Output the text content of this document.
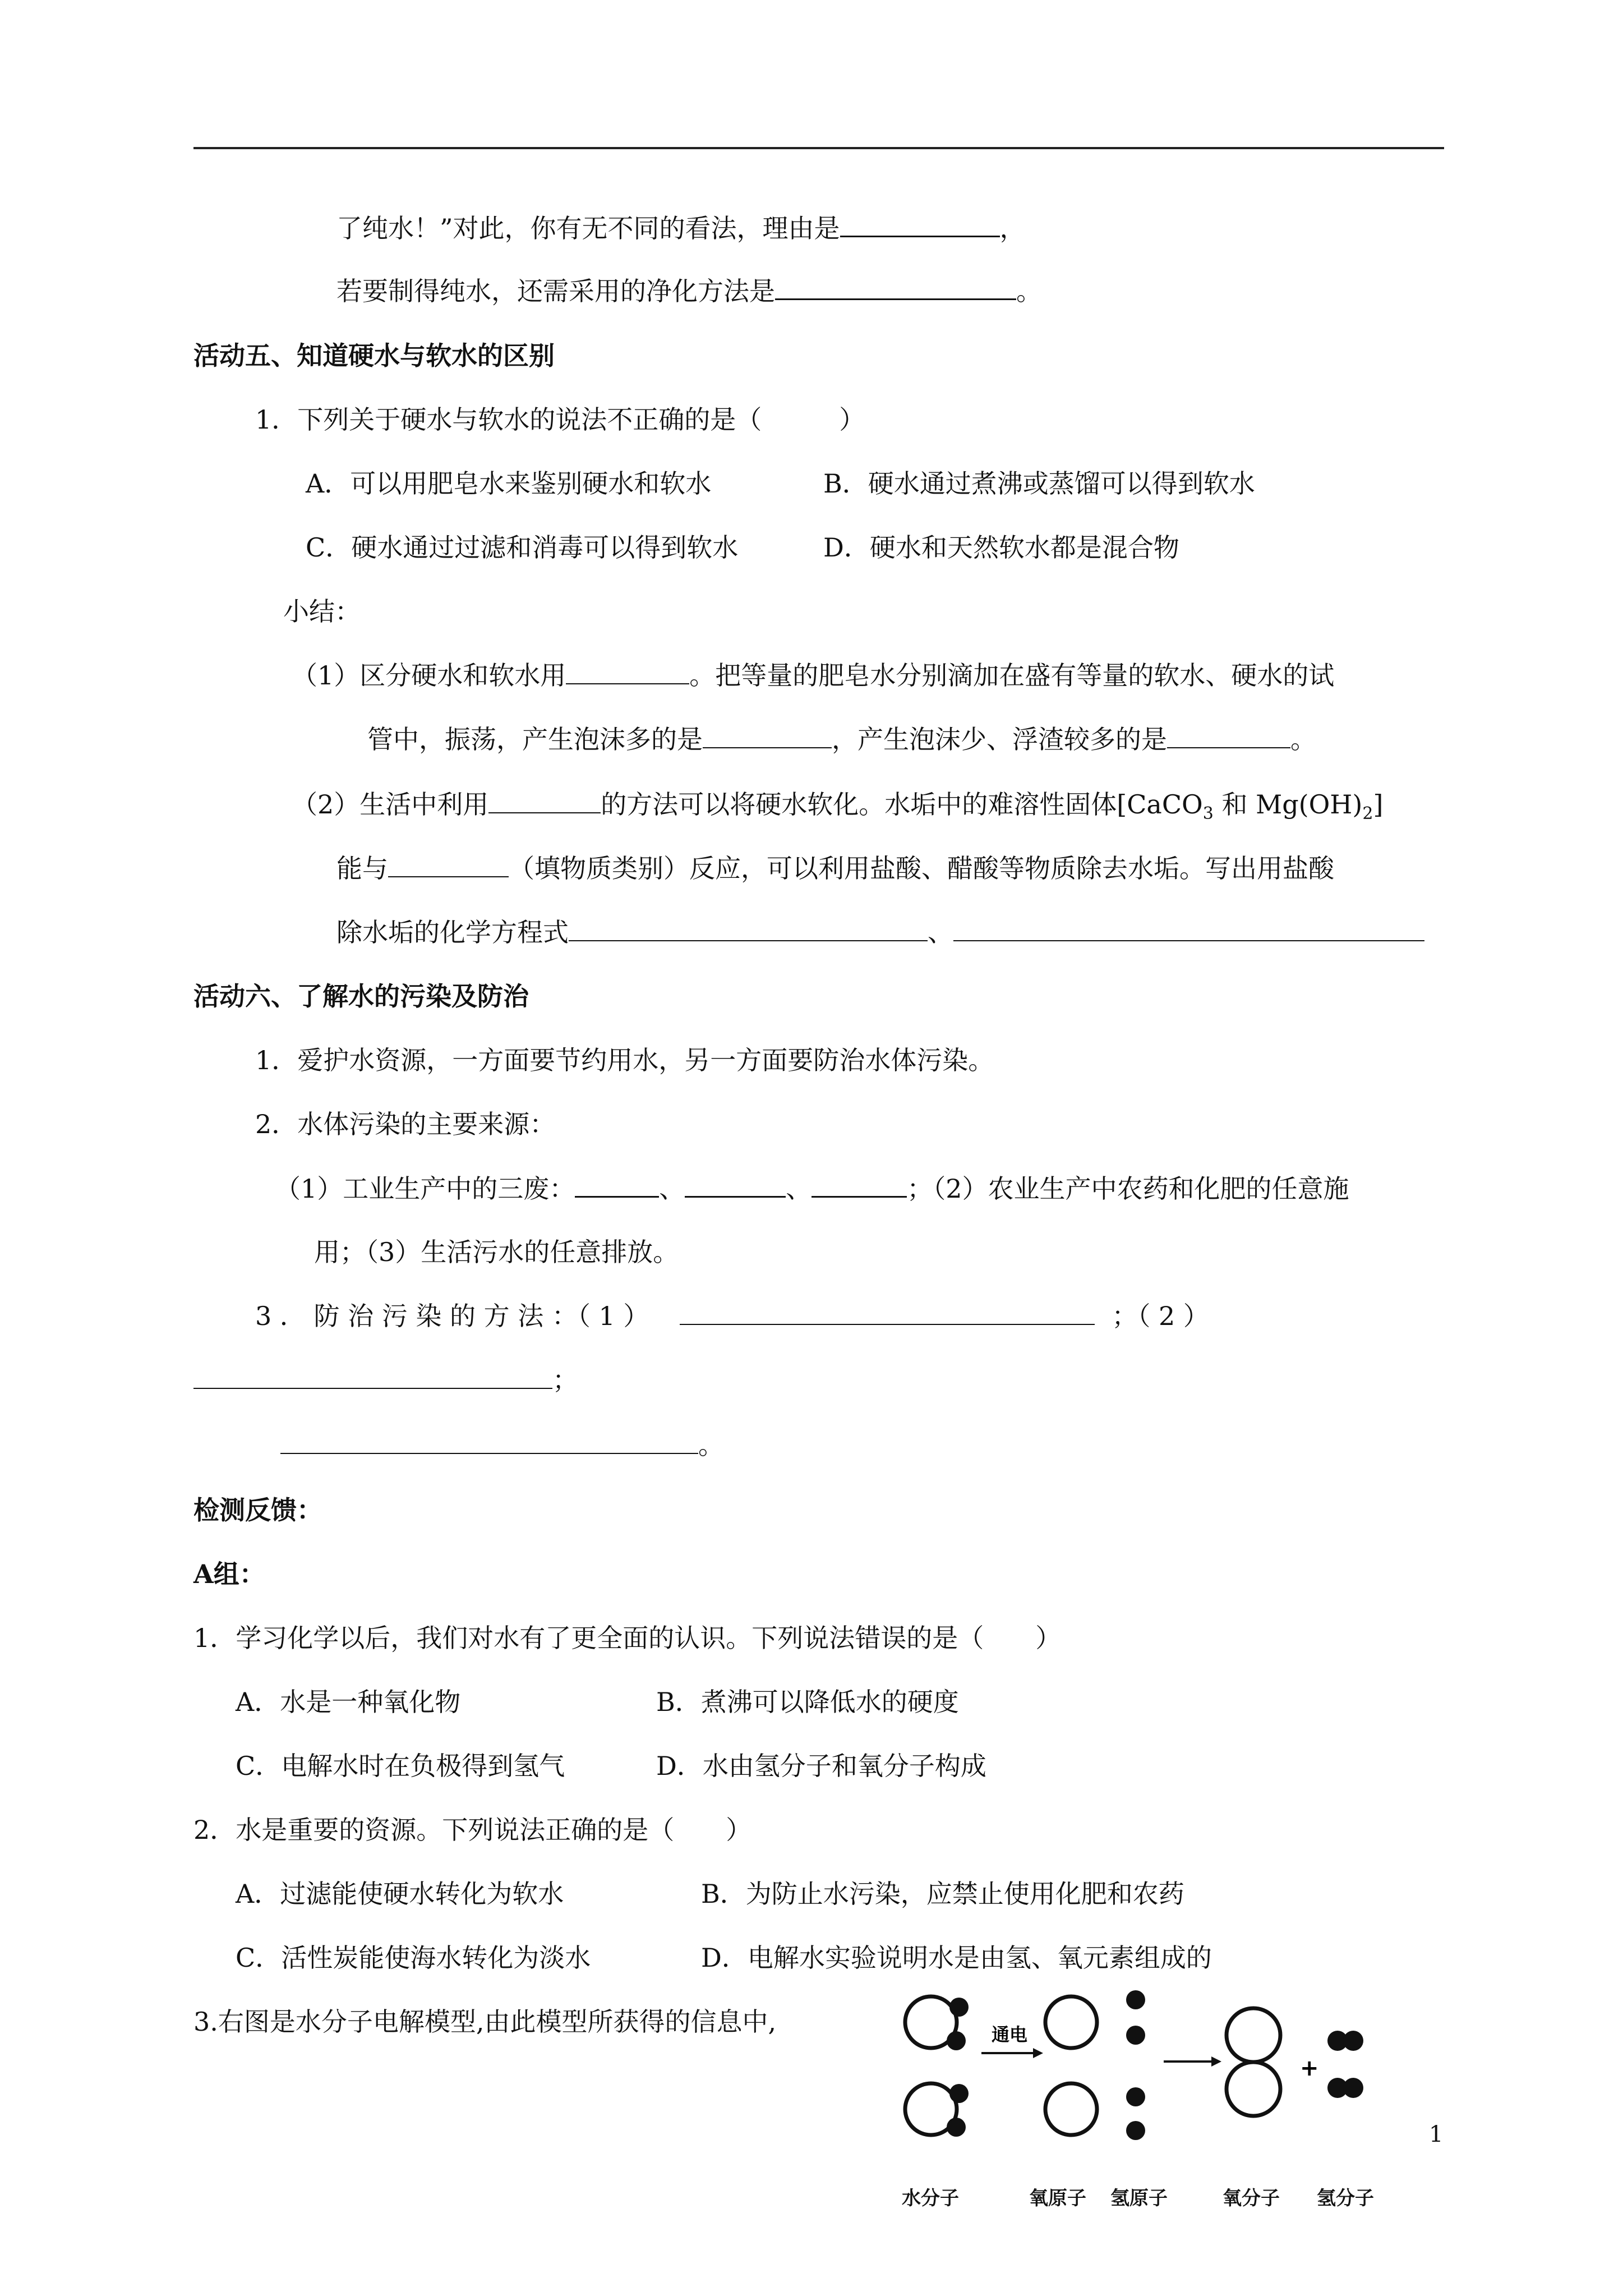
了纯水！”对此，你有无不同的看法，理由是	，
若要制得纯水，还需采用的净化方法是	。
活动五、知道硬水与软水的区别
1．下列关于硬水与软水的说法不正确的是（　　　）
A．可以用肥皂水来鉴别硬水和软水	B．硬水通过煮沸或蒸馏可以得到软水
C．硬水通过过滤和消毒可以得到软水	D．硬水和天然软水都是混合物
小结：
（1）区分硬水和软水用	。把等量的肥皂水分别滴加在盛有等量的软水、硬水的试
管中，振荡，产生泡沫多的是	，产生泡沫少、浮渣较多的是	。
（2）生活中利用	的方法可以将硬水软化。水垢中的难溶性固体[CaCO$_3$ 和 $Mg(OH)_2$]
能与	（填物质类别）反应，可以利用盐酸、醋酸等物质除去水垢。写出用盐酸
除水垢的化学方程式	、
活动六、了解水的污染及防治
1．爱护水资源，一方面要节约用水，另一方面要防治水体污染。
2．水体污染的主要来源：
（1）工业生产中的三废：	、	、	；（2）农业生产中农药和化肥的任意施
用；（3）生活污水的任意排放。
3 ． 防 治 污 染 的 方 法 ：（ 1 ）	；（ 2 ）
；
。
检测反馈：
A组：
1．学习化学以后，我们对水有了更全面的认识。下列说法错误的是（　　）
A．水是一种氧化物	B．煮沸可以降低水的硬度
C．电解水时在负极得到氢气	D．水由氢分子和氧分子构成
2．水是重要的资源。下列说法正确的是（　　）
A．过滤能使硬水转化为软水	B．为防止水污染，应禁止使用化肥和农药
C．活性炭能使海水转化为淡水	D．电解水实验说明水是由氢、氧元素组成的
3.右图是水分子电解模型,由此模型所获得的信息中,	通电
+
水分子	氧原子 氢原子	氧分子 氢分子
1
